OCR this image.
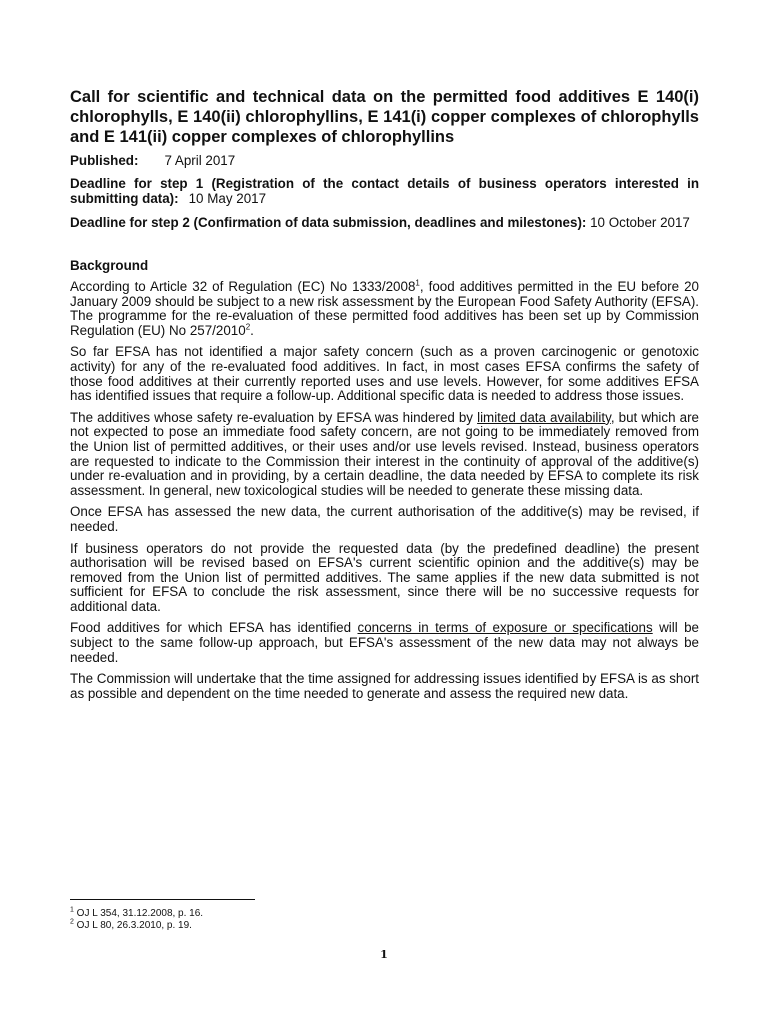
Call for scientific and technical data on the permitted food additives E 140(i) chlorophylls, E 140(ii) chlorophyllins, E 141(i) copper complexes of chlorophylls and E 141(ii) copper complexes of chlorophyllins
Published: 7 April 2017
Deadline for step 1 (Registration of the contact details of business operators interested in submitting data): 10 May 2017
Deadline for step 2 (Confirmation of data submission, deadlines and milestones): 10 October 2017
Background

According to Article 32 of Regulation (EC) No 1333/2008$^1$, food additives permitted in the EU before 20 January 2009 should be subject to a new risk assessment by the European Food Safety Authority (EFSA). The programme for the re-evaluation of these permitted food additives has been set up by Commission Regulation (EU) No 257/2010$^2$.

So far EFSA has not identified a major safety concern (such as a proven carcinogenic or genotoxic activity) for any of the re-evaluated food additives. In fact, in most cases EFSA confirms the safety of those food additives at their currently reported uses and use levels. However, for some additives EFSA has identified issues that require a follow-up. Additional specific data is needed to address those issues.

The additives whose safety re-evaluation by EFSA was hindered by limited data availability, but which are not expected to pose an immediate food safety concern, are not going to be immediately removed from the Union list of permitted additives, or their uses and/or use levels revised. Instead, business operators are requested to indicate to the Commission their interest in the continuity of approval of the additive(s) under re-evaluation and in providing, by a certain deadline, the data needed by EFSA to complete its risk assessment. In general, new toxicological studies will be needed to generate these missing data.

Once EFSA has assessed the new data, the current authorisation of the additive(s) may be revised, if needed.

If business operators do not provide the requested data (by the predefined deadline) the present authorisation will be revised based on EFSA's current scientific opinion and the additive(s) may be removed from the Union list of permitted additives. The same applies if the new data submitted is not sufficient for EFSA to conclude the risk assessment, since there will be no successive requests for additional data.

Food additives for which EFSA has identified concerns in terms of exposure or specifications will be subject to the same follow-up approach, but EFSA's assessment of the new data may not always be needed.

The Commission will undertake that the time assigned for addressing issues identified by EFSA is as short as possible and dependent on the time needed to generate and assess the required new data.

$^1$ OJ L 354, 31.12.2008, p. 16.
$^2$ OJ L 80, 26.3.2010, p. 19.
1
